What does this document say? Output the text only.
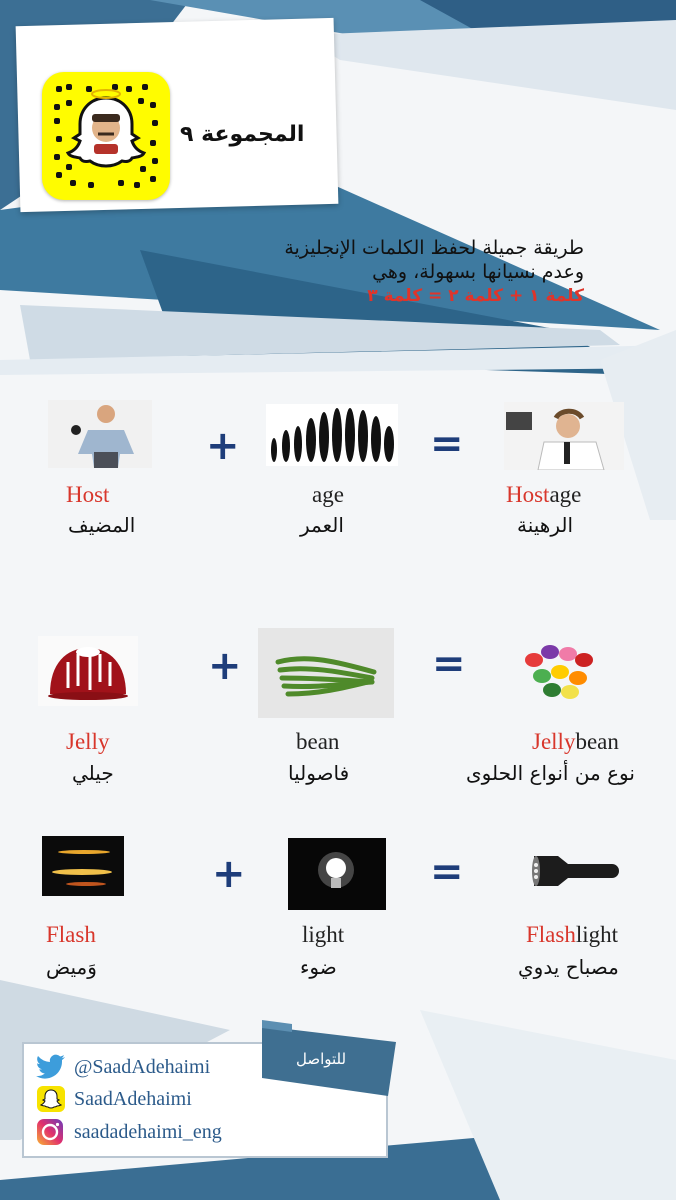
المجموعة ٩
طريقة جميلة لحفظ الكلمات الإنجليزية
وعدم نسيانها بسهولة، وهي
كلمة ١ + كلمة ٢ = كلمة ٣
+	=
Host
المضيف
age
العمر
Hostage
الرهينة
+	=
Jelly
جيلي
bean
فاصوليا
Jellybean
نوع من أنواع الحلوى
+	=
Flash
وَميض
light
ضوء
Flashlight
مصباح يدوي
@SaadAdehaimi
SaadAdehaimi
saadadehaimi_eng
للتواصل
